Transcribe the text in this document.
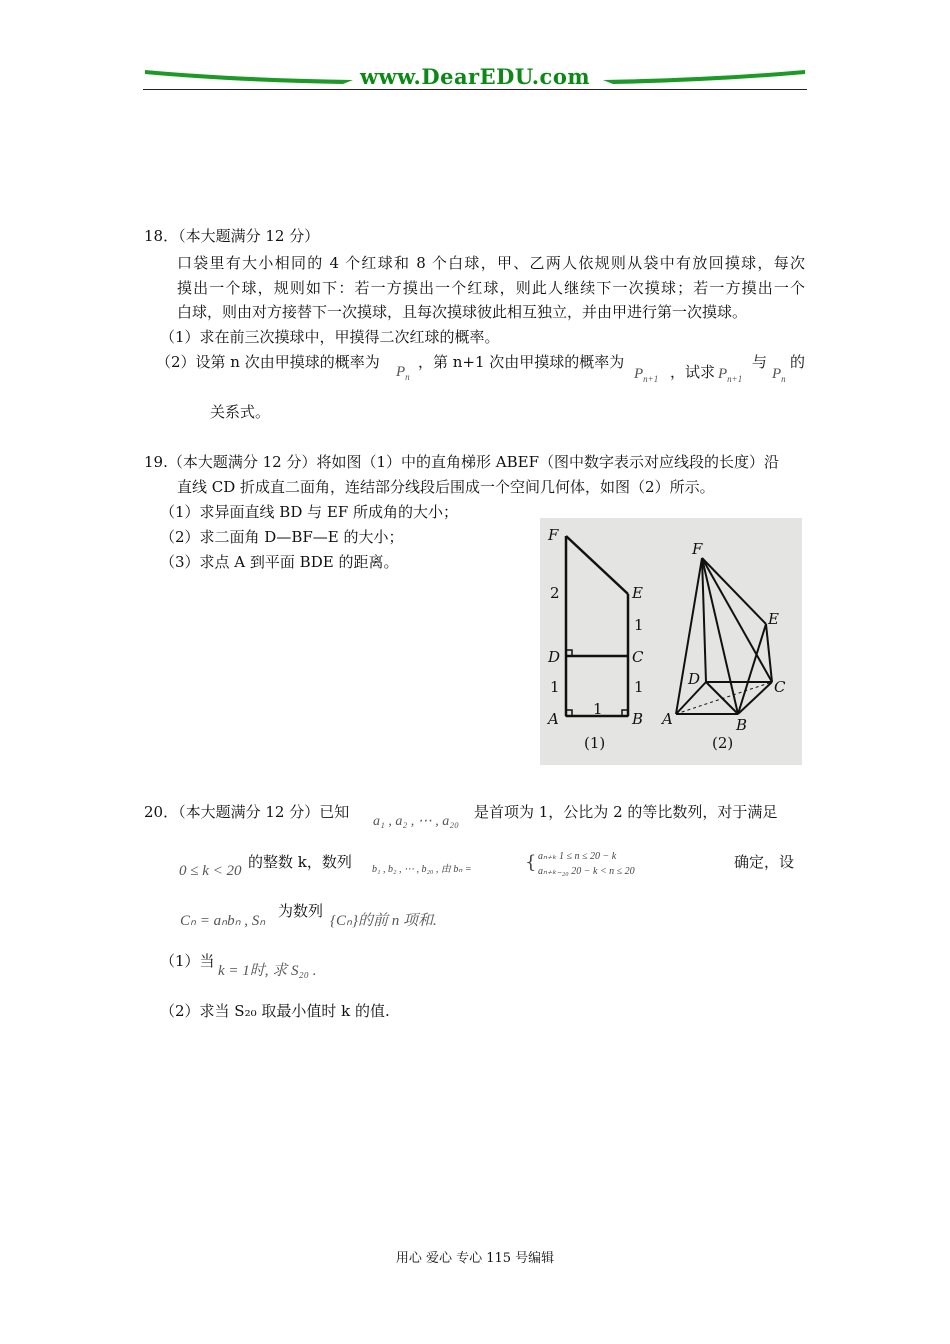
www.DearEDU.com
18．（本大题满分 12 分）
口袋里有大小相同的 4 个红球和 8 个白球，甲、乙两人依规则从袋中有放回摸球，每次
摸出一个球，规则如下：若一方摸出一个红球，则此人继续下一次摸球；若一方摸出一个
白球，则由对方接替下一次摸球，且每次摸球彼此相互独立，并由甲进行第一次摸球。
（1）求在前三次摸球中，甲摸得二次红球的概率。
（2）设第 n 次由甲摸球的概率为
$P_n$
，第 n+1 次由甲摸球的概率为
$P_{n+1}$ ，试求 $P_{n+1}$
与
$P_n$
的
关系式。
19.（本大题满分 12 分）将如图（1）中的直角梯形 ABEF（图中数字表示对应线段的长度）沿
直线 CD 折成直二面角，连结部分线段后围成一个空间几何体，如图（2）所示。
（1）求异面直线 BD 与 EF 所成角的大小；
（2）求二面角 D—BF—E 的大小；
（3）求点 A 到平面 BDE 的距离。
F
E
D	C
A	B
2
1
1	1
1
(1)
F
E
D	C
A	B
(2)
20．（本大题满分 12 分）已知
a₁ , a₂ , ⋯ , a₂₀
是首项为 1，公比为 2 的等比数列，对于满足
0 ≤ k < 20 的整数 k，数列 b₁ , b₂ , ⋯ , b₂₀ , 由 bₙ =	{ aₙ₊ₖ 1 ≤ n ≤ 20 − k
aₙ₊ₖ₋₂₀ 20 − k < n ≤ 20
确定，设
Cₙ = aₙbₙ , Sₙ
为数列
{Cₙ}的前 n 项和.
（1）当
k = 1时, 求 S₂₀ .
（2）求当 S₂₀ 取最小值时 k 的值.
用心 爱心 专心 115 号编辑
